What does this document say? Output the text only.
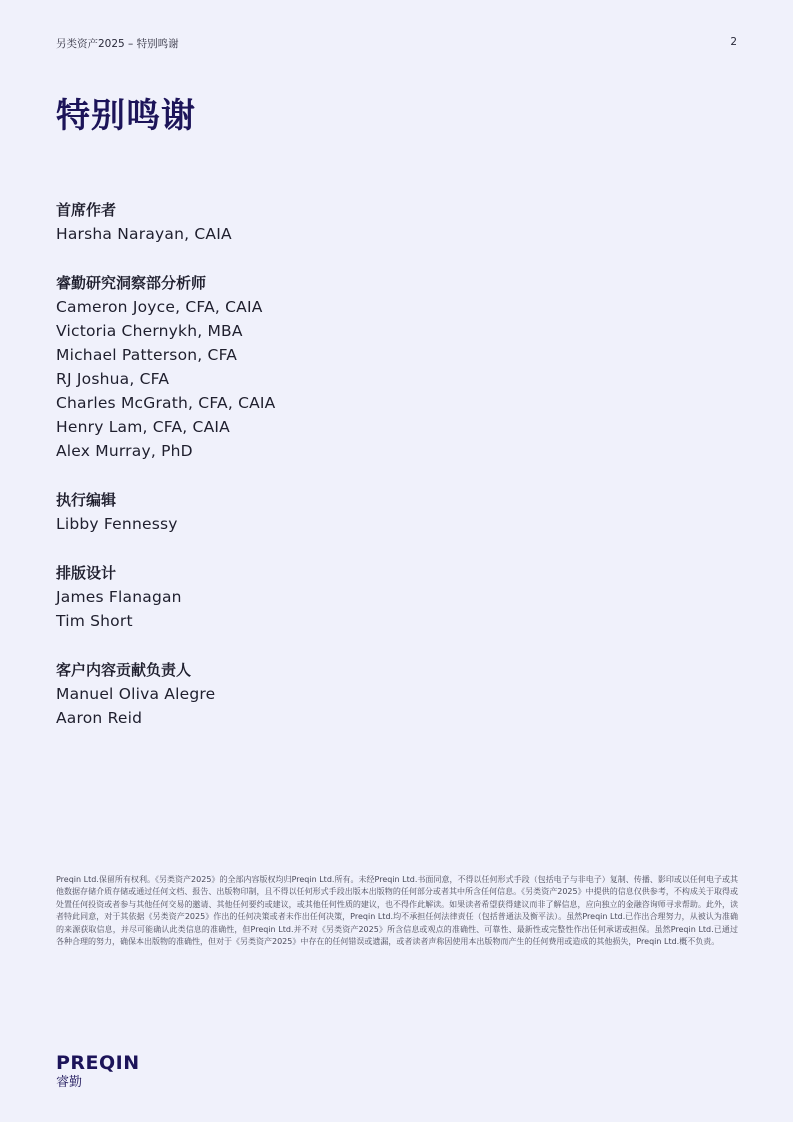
另类资产2025 – 特别鸣谢	2
特别鸣谢
首席作者
Harsha Narayan, CAIA
睿勤研究洞察部分析师
Cameron Joyce, CFA, CAIA
Victoria Chernykh, MBA
Michael Patterson, CFA
RJ Joshua, CFA
Charles McGrath, CFA, CAIA
Henry Lam, CFA, CAIA
Alex Murray, PhD
执行编辑
Libby Fennessy
排版设计
James Flanagan
Tim Short
客户内容贡献负责人
Manuel Oliva Alegre
Aaron Reid
Preqin Ltd.保留所有权利。《另类资产2025》的全部内容版权均归Preqin Ltd.所有。未经Preqin Ltd.书面同意，不得以任何形式手段（包括电子与非电子）复制、传播、影印或以任何电子或其他数据存储介质存储或通过任何文档、报告、出版物印制，且不得以任何形式手段出版本出版物的任何部分或者其中所含任何信息。《另类资产2025》中提供的信息仅供参考，不构成关于取得或处置任何投资或者参与其他任何交易的邀请、其他任何要约或建议，或其他任何性质的建议，也不得作此解读。如果读者希望获得建议而非了解信息，应向独立的金融咨询师寻求帮助。此外，读者特此同意，对于其依据《另类资产2025》作出的任何决策或者未作出任何决策，Preqin Ltd.均不承担任何法律责任（包括普通法及衡平法）。虽然Preqin Ltd.已作出合理努力，从被认为准确的来源获取信息，并尽可能确认此类信息的准确性，但Preqin Ltd.并不对《另类资产2025》所含信息或观点的准确性、可靠性、最新性或完整性作出任何承诺或担保。虽然Preqin Ltd.已通过各种合理的努力，确保本出版物的准确性，但对于《另类资产2025》中存在的任何错误或遗漏，或者读者声称因使用本出版物而产生的任何费用或造成的其他损失，Preqin Ltd.概不负责。
PREQIN
睿勤
